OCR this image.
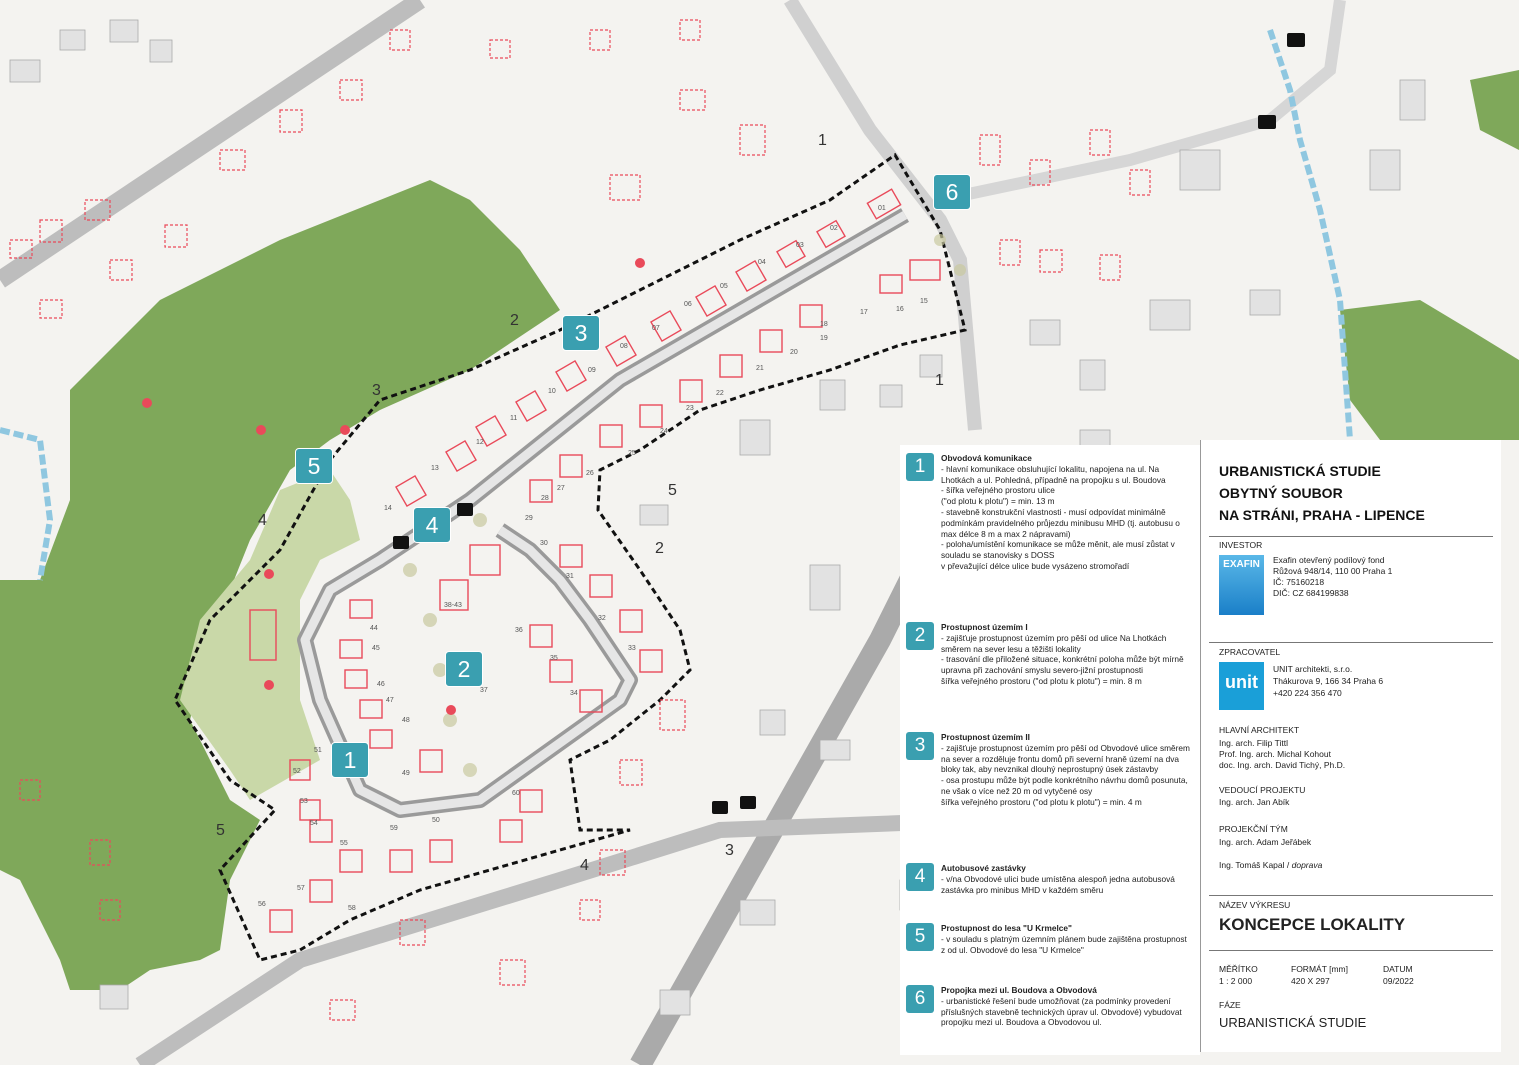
1
2
3
4
5
1
2
3
4
5
01
02
03
04
05
06
07
08
09
10
11
12
13
14
15
16
17
18
19
20
21
22
23
24
25
26
27
28
29
30
31
32
33
34
35
36
37
38-43
44
45
46
47
48
49
50
51
52
53
54
55
56
57
58
59
60
1
2
3
4
5
6
1	Obvodová komunikace
- hlavní komunikace obsluhující lokalitu, napojena na ul. Na Lhotkách a ul. Pohledná, případně na propojku s ul. Boudova
- šířka veřejného prostoru ulice
("od plotu k plotu") = min. 13 m
- stavebně konstrukční vlastnosti - musí odpovídat minimálně podmínkám pravidelného průjezdu minibusu MHD (tj. autobusu o max délce 8 m a max 2 nápravami)
- poloha/umístění komunikace se může měnit, ale musí zůstat v souladu se stanovisky s DOSS
v převažující délce ulice bude vysázeno stromořadí
2	Prostupnost územím I
- zajišťuje prostupnost územím pro pěší od ulice Na Lhotkách směrem na sever lesu a těžišti lokality
- trasování dle přiložené situace, konkrétní poloha může být mírně upravna při zachování smyslu severo-jižní prostupnosti
šířka veřejného prostoru ("od plotu k plotu") = min. 8 m
3	Prostupnost územím II
- zajišťuje prostupnost územím pro pěší od Obvodové ulice směrem na sever a rozděluje frontu domů při severní hraně území na dva bloky tak, aby nevznikal dlouhý neprostupný úsek zástavby
- osa prostupu může být podle konkrétního návrhu domů posunuta, ne však o více než 20 m od vytyčené osy
šířka veřejného prostoru ("od plotu k plotu") = min. 4 m
4	Autobusové zastávky
- v/na Obvodové ulici bude umístěna alespoň jedna autobusová zastávka pro minibus MHD v každém směru
5	Prostupnost do lesa "U Krmelce"
- v souladu s platným územním plánem bude zajištěna prostupnost z od ul. Obvodové do lesa "U Krmelce"
6	Propojka mezi ul. Boudova a Obvodová
- urbanistické řešení bude umožňovat (za podmínky provedení příslušných stavebně technických úprav ul. Obvodové) vybudovat propojku mezi ul. Boudova a Obvodovou ul.
URBANISTICKÁ STUDIE
OBYTNÝ SOUBOR
NA STRÁNI, PRAHA - LIPENCE
INVESTOR
EXAFIN	Exafin otevřený podílový fond
Růžová 948/14, 110 00 Praha 1
IČ: 75160218
DIČ: CZ 684199838
ZPRACOVATEL
unit
UNIT architekti, s.r.o.
Thákurova 9, 166 34 Praha 6
+420 224 356 470
HLAVNÍ ARCHITEKT
Ing. arch. Filip Tittl
Prof. Ing. arch. Michal Kohout
doc. Ing. arch. David Tichý, Ph.D.
VEDOUCÍ PROJEKTU
Ing. arch. Jan Abík
PROJEKČNÍ TÝM
Ing. arch. Adam Jeřábek
Ing. Tomáš Kapal / doprava
NÁZEV VÝKRESU
KONCEPCE LOKALITY
MĚŘÍTKO
1 : 2 000
FORMÁT [mm]
420 X 297
DATUM
09/2022
FÁZE
URBANISTICKÁ STUDIE
